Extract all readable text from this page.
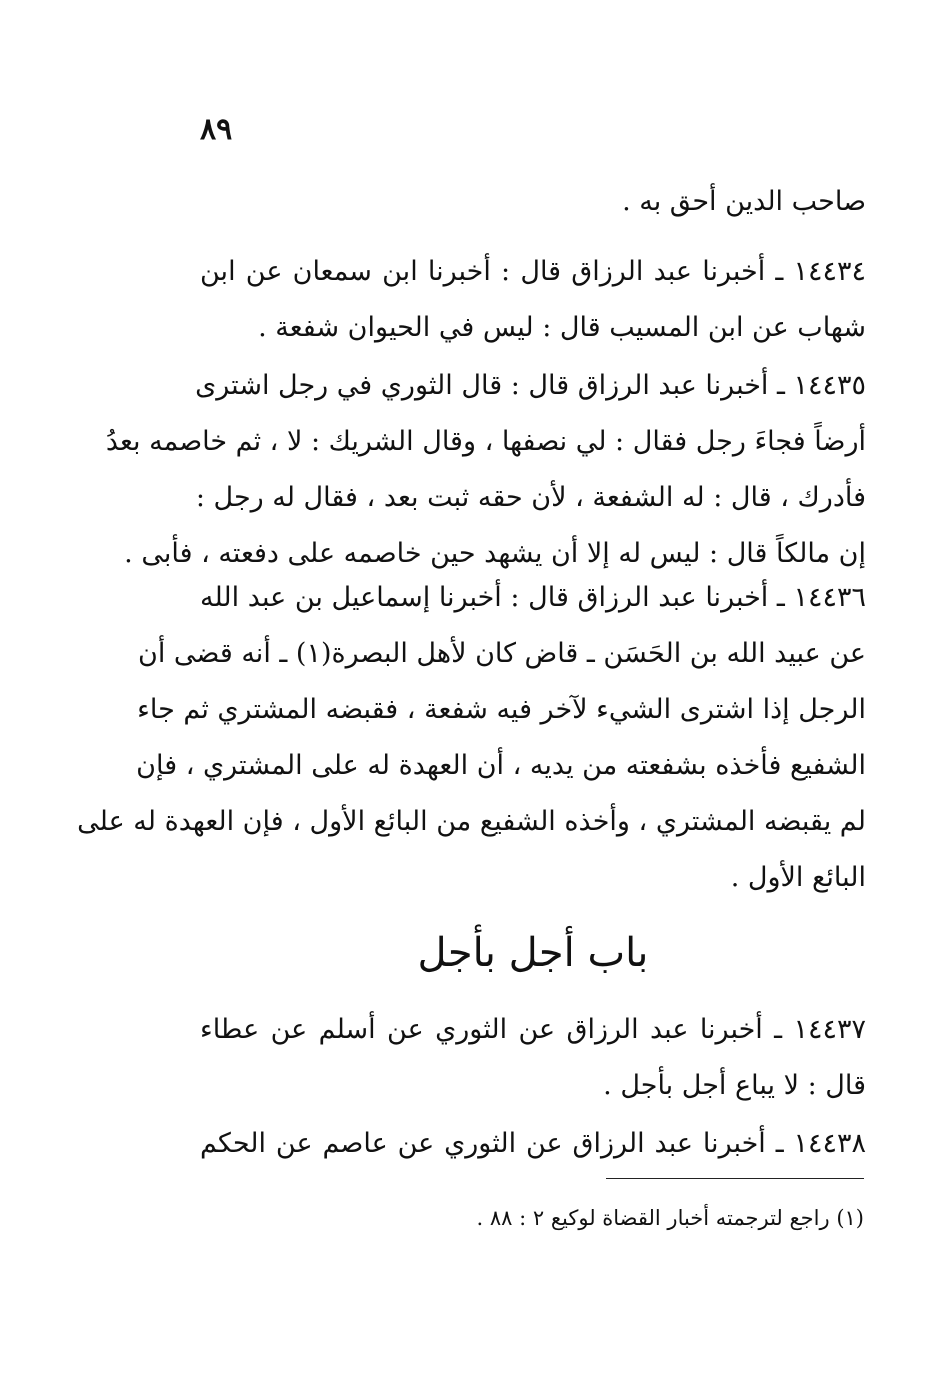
٨٩
صاحب الدين أحق به .
١٤٤٣٤ ـ أخبرنا عبد الرزاق قال : أخبرنا ابن سمعان عن ابن
شهاب عن ابن المسيب قال : ليس في الحيوان شفعة .
١٤٤٣٥ ـ أخبرنا عبد الرزاق قال : قال الثوري في رجل اشترى
أرضاً فجاءَ رجل فقال : لي نصفها ، وقال الشريك : لا ، ثم خاصمه بعدُ
فأدرك ، قال : له الشفعة ، لأن حقه ثبت بعد ، فقال له رجل :
إن مالكاً قال : ليس له إلا أن يشهد حين خاصمه على دفعته ، فأبى .
١٤٤٣٦ ـ أخبرنا عبد الرزاق قال : أخبرنا إسماعيل بن عبد الله
عن عبيد الله بن الحَسَن ـ قاض كان لأهل البصرة(١) ـ أنه قضى أن
الرجل إذا اشترى الشيء لآخر فيه شفعة ، فقبضه المشتري ثم جاء
الشفيع فأخذه بشفعته من يديه ، أن العهدة له على المشتري ، فإن
لم يقبضه المشتري ، وأخذه الشفيع من البائع الأول ، فإن العهدة له على
البائع الأول .
باب أجل بأجل
١٤٤٣٧ ـ أخبرنا عبد الرزاق عن الثوري عن أسلم عن عطاء
قال : لا يباع أجل بأجل .
١٤٤٣٨ ـ أخبرنا عبد الرزاق عن الثوري عن عاصم عن الحكم
(١) راجع لترجمته أخبار القضاة لوكيع ٢ : ٨٨ .
